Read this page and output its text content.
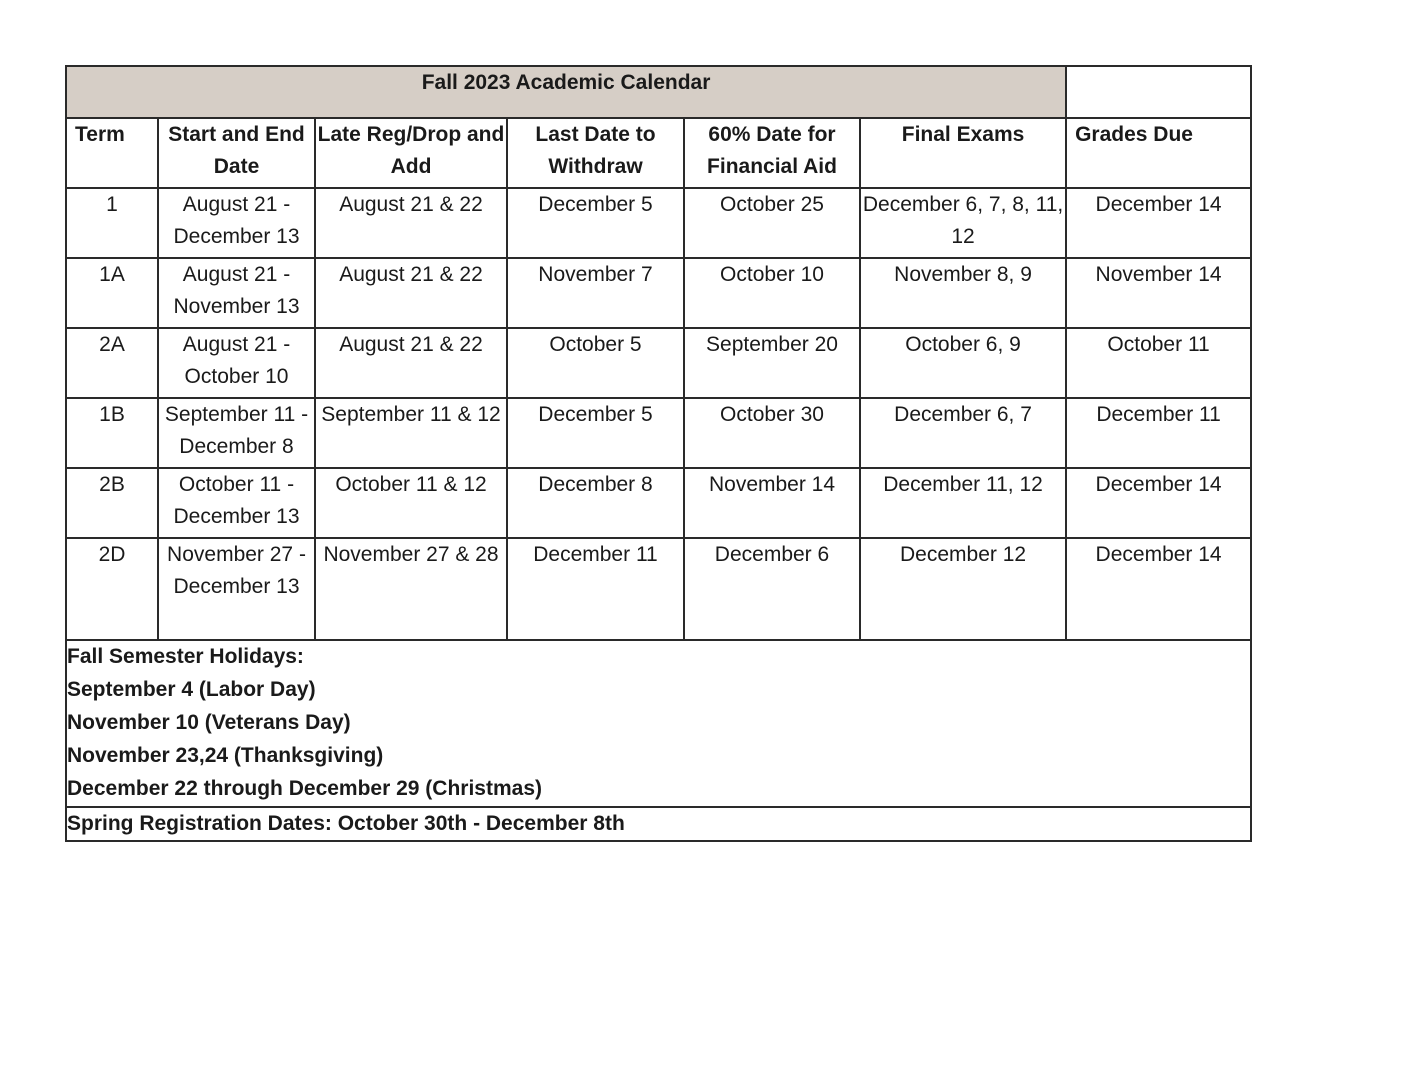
Fall 2023 Academic Calendar						
Term	Start and End Date	Late Reg/Drop and Add	Last Date to Withdraw	60% Date for Financial Aid	Final Exams	Grades Due
1	August 21 - December 13	August 21 & 22	December 5	October 25	December 6, 7, 8, 11, 12	December 14
1A	August 21 - November 13	August 21 & 22	November 7	October 10	November 8, 9	November 14
2A	August 21 - October 10	August 21 & 22	October 5	September 20	October 6, 9	October 11
1B	September 11 - December 8	September 11 & 12	December 5	October 30	December 6, 7	December 11
2B	October 11 - December 13	October 11 & 12	December 8	November 14	December 11, 12	December 14
2D	November 27 - December 13	November 27 & 28	December 11	December 6	December 12	December 14

Fall Semester Holidays:
September 4 (Labor Day)
November 10 (Veterans Day)
November 23,24 (Thanksgiving)
December 22 through December 29 (Christmas)						

Spring Registration Dates: October 30th - December 8th						
